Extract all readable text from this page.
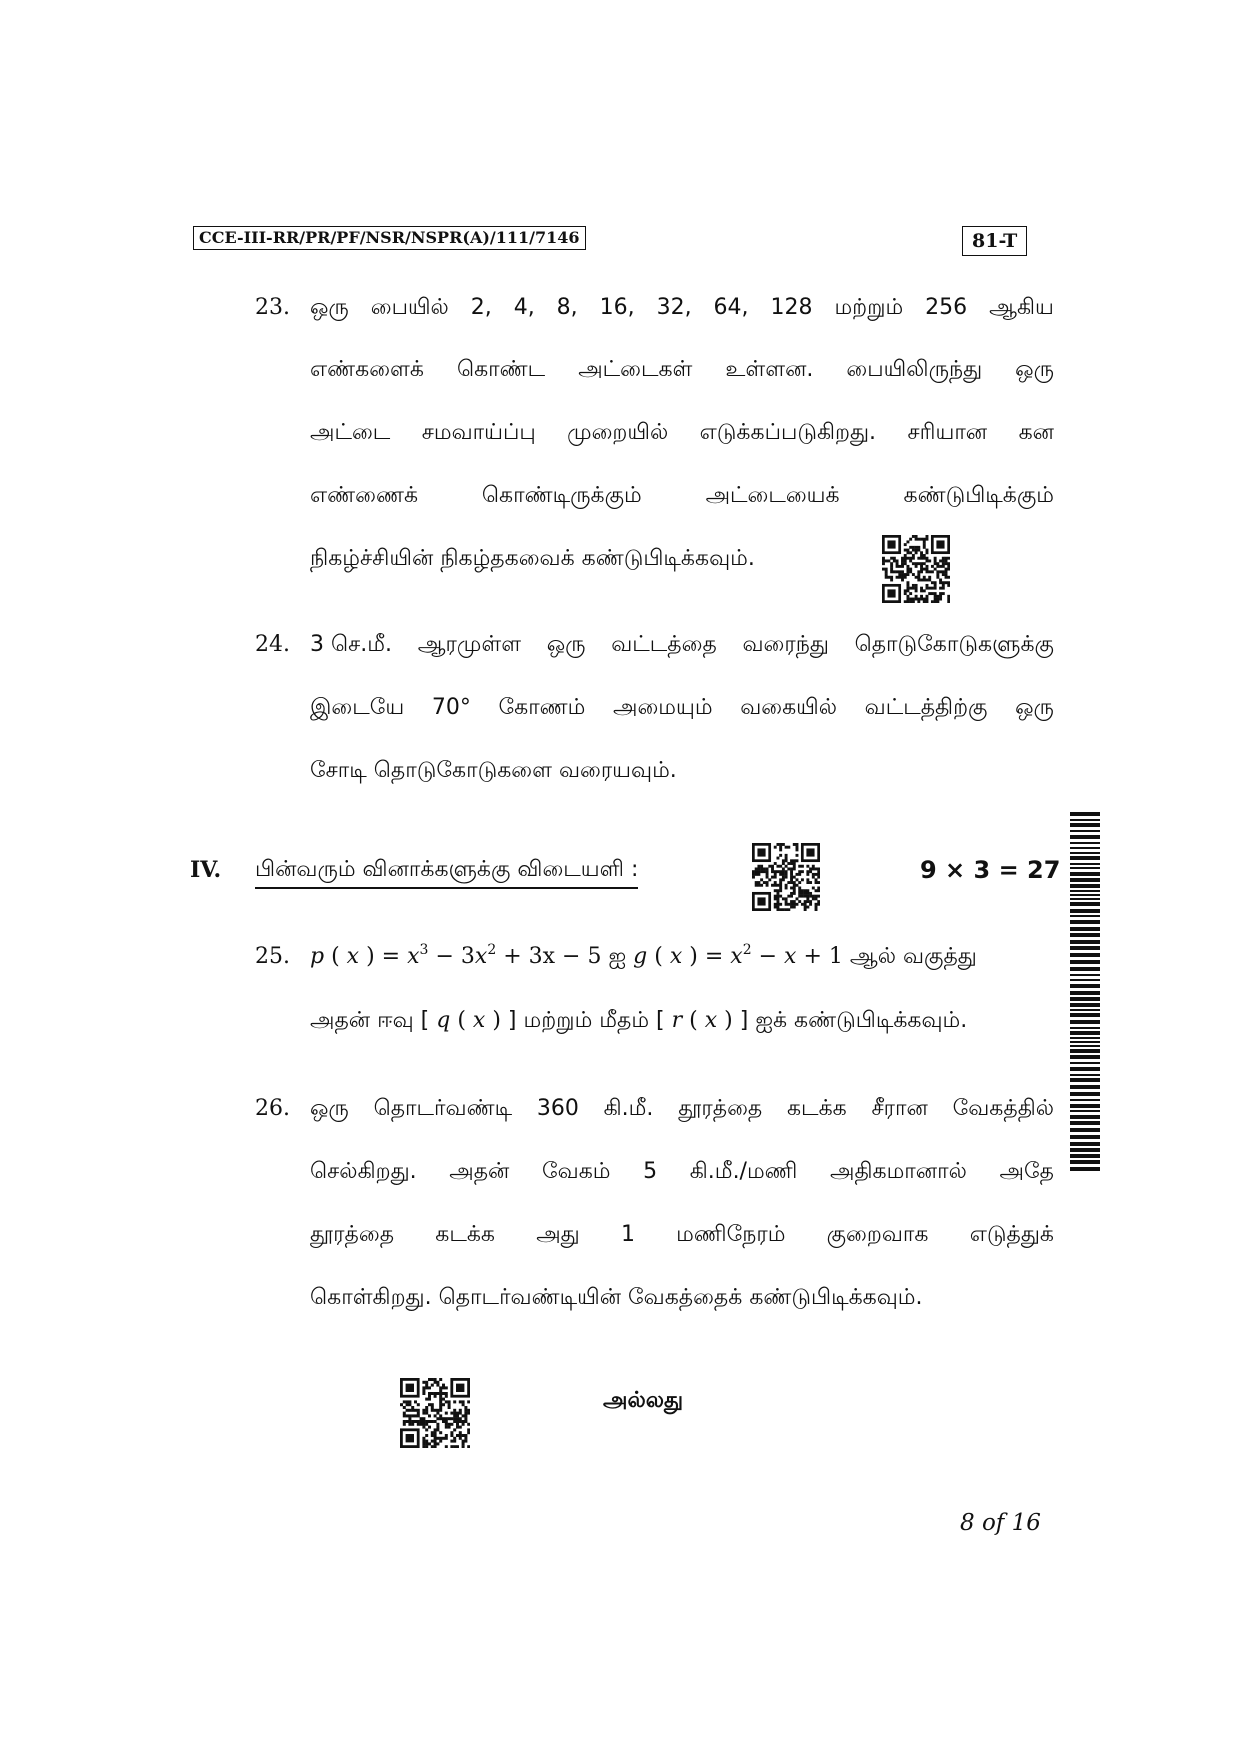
CCE-III-RR/PR/PF/NSR/NSPR(A)/111/7146	81-T
23. ஒரு பையில் 2, 4, 8, 16, 32, 64, 128 மற்றும் 256 ஆகிய
எண்களைக் கொண்ட அட்டைகள் உள்ளன. பையிலிருந்து ஒரு
அட்டை சமவாய்ப்பு முறையில் எடுக்கப்படுகிறது. சரியான கன
எண்ணைக்	கொண்டிருக்கும்	அட்டையைக்	கண்டுபிடிக்கும்
நிகழ்ச்சியின் நிகழ்தகவைக் கண்டுபிடிக்கவும்.
24. 3 செ.மீ. ஆரமுள்ள ஒரு வட்டத்தை வரைந்து தொடுகோடுகளுக்கு
இடையே 70° கோணம் அமையும் வகையில் வட்டத்திற்கு ஒரு
சோடி தொடுகோடுகளை வரையவும்.
IV. பின்வரும் வினாக்களுக்கு விடையளி :	9 × 3 = 27
25. p ( x ) = $x^3 - 3x^2 + 3x - 5$ ஐ g ( x ) = $x^2 - x + 1$ ஆல் வகுத்து
அதன் ஈவு [ q ( x ) ] மற்றும் மீதம் [ r ( x ) ] ஐக் கண்டுபிடிக்கவும்.
26. ஒரு தொடர்வண்டி 360 கி.மீ. தூரத்தை கடக்க சீரான வேகத்தில்
செல்கிறது. அதன் வேகம் 5 கி.மீ./மணி அதிகமானால் அதே
தூரத்தை கடக்க அது 1 மணிநேரம் குறைவாக எடுத்துக்
கொள்கிறது. தொடர்வண்டியின் வேகத்தைக் கண்டுபிடிக்கவும்.
அல்லது
8 of 16
